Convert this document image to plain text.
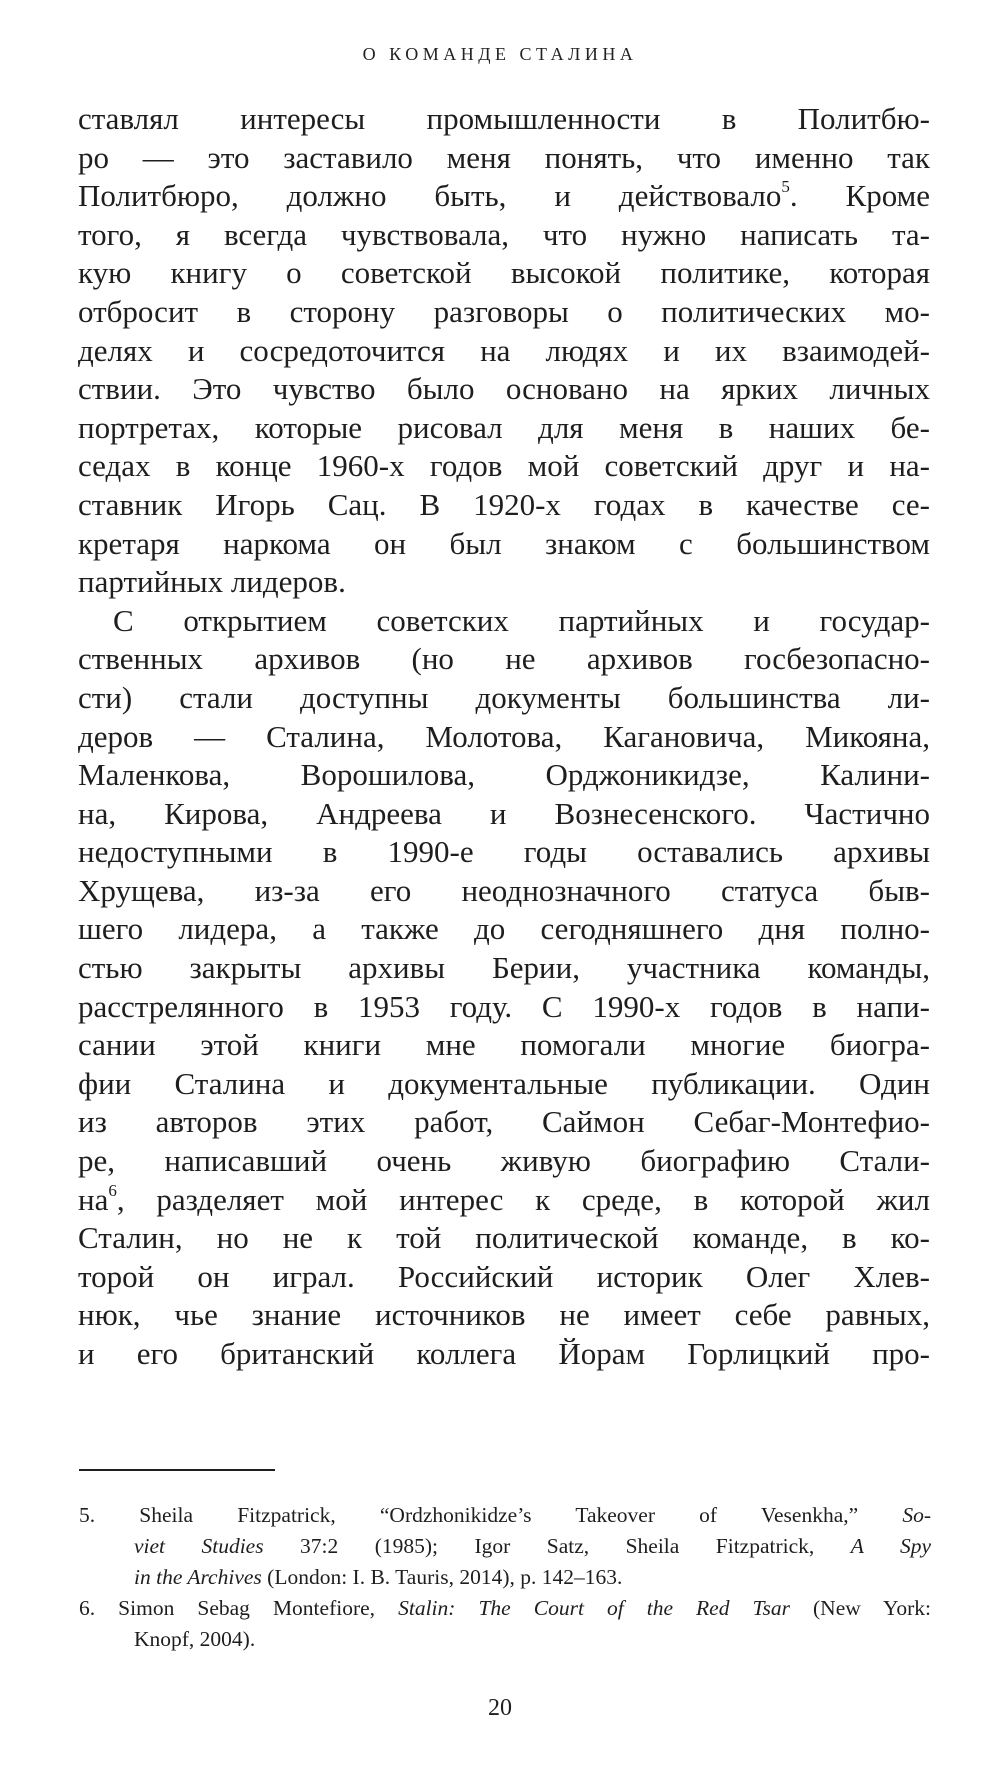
О КОМАНДЕ СТАЛИНА
ставлял интересы промышленности в Политбю-
ро — это заставило меня понять, что именно так
Политбюро, должно быть, и действовало$^5$. Кроме
того, я всегда чувствовала, что нужно написать та-
кую книгу о советской высокой политике, которая
отбросит в сторону разговоры о политических мо-
делях и сосредоточится на людях и их взаимодей-
ствии. Это чувство было основано на ярких личных
портретах, которые рисовал для меня в наших бе-
седах в конце 1960-х годов мой советский друг и на-
ставник Игорь Сац. В 1920-х годах в качестве се-
кретаря наркома он был знаком с большинством
партийных лидеров.
С открытием советских партийных и государ-
ственных архивов (но не архивов госбезопасно-
сти) стали доступны документы большинства ли-
деров — Сталина, Молотова, Кагановича, Микояна,
Маленкова, Ворошилова, Орджоникидзе, Калини-
на, Кирова, Андреева и Вознесенского. Частично
недоступными в 1990-е годы оставались архивы
Хрущева, из-за его неоднозначного статуса быв-
шего лидера, а также до сегодняшнего дня полно-
стью закрыты архивы Берии, участника команды,
расстрелянного в 1953 году. С 1990-х годов в напи-
сании этой книги мне помогали многие биогра-
фии Сталина и документальные публикации. Один
из авторов этих работ, Саймон Себаг-Монтефио-
ре, написавший очень живую биографию Стали-
$на^6$, разделяет мой интерес к среде, в которой жил
Сталин, но не к той политической команде, в ко-
торой он играл. Российский историк Олег Хлев-
нюк, чье знание источников не имеет себе равных,
и его британский коллега Йорам Горлицкий про-
5. Sheila Fitzpatrick, “Ordzhonikidze’s Takeover of Vesenkha,” So-
viet Studies 37:2 (1985); Igor Satz, Sheila Fitzpatrick, A Spy
in the Archives (London: I. B. Tauris, 2014), p. 142–163.
6. Simon Sebag Montefiore, Stalin: The Court of the Red Tsar (New York:
Knopf, 2004).
20
